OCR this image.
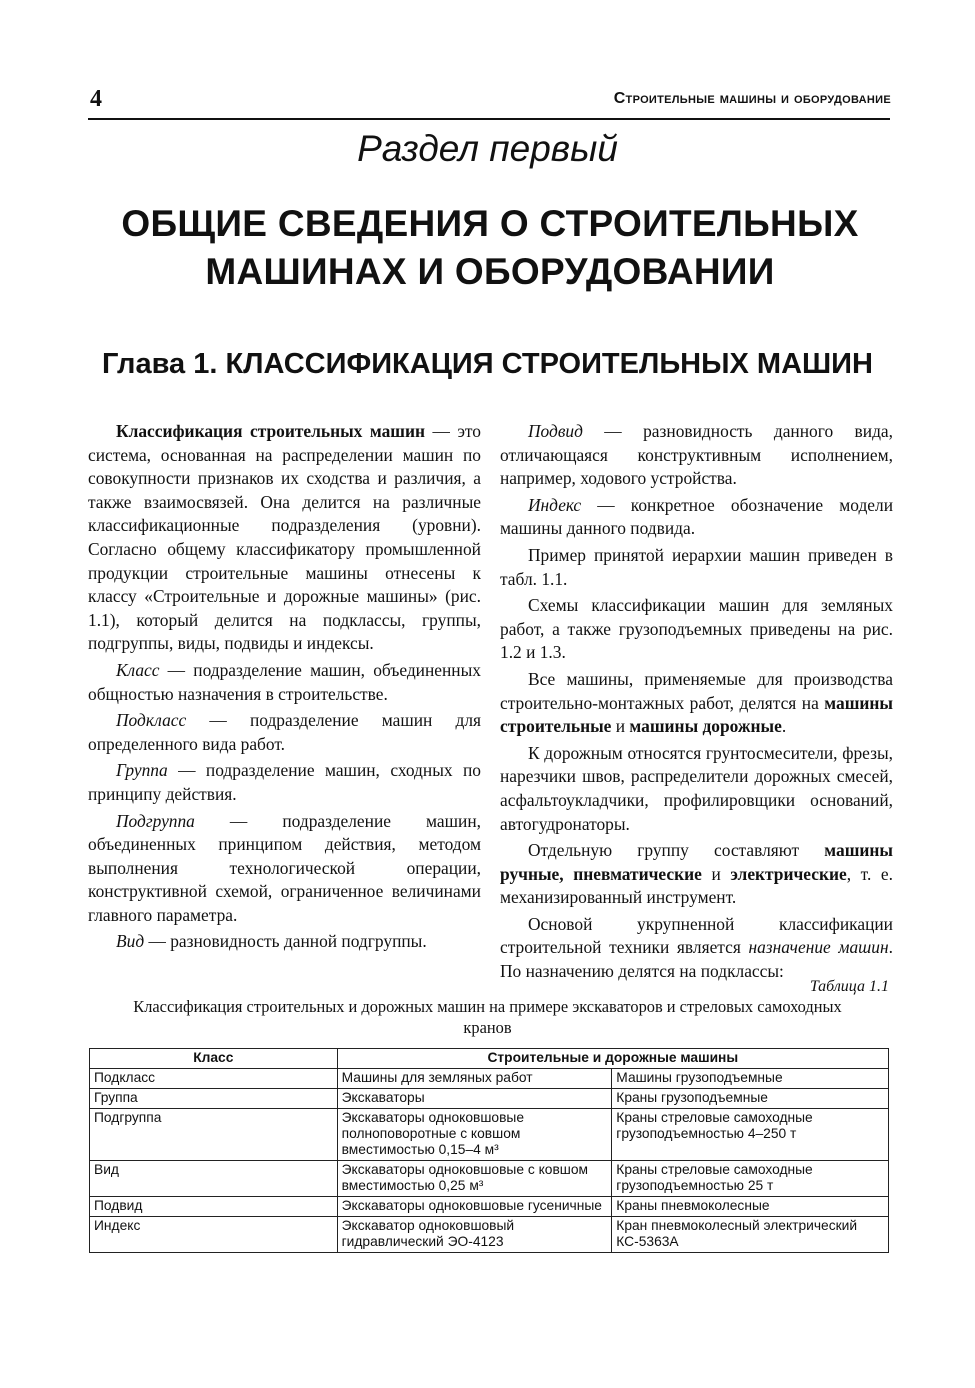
4	Строительные машины и оборудование
Раздел первый
ОБЩИЕ СВЕДЕНИЯ О СТРОИТЕЛЬНЫХ
МАШИНАХ И ОБОРУДОВАНИИ
Глава 1. КЛАССИФИКАЦИЯ СТРОИТЕЛЬНЫХ МАШИН

Классификация строительных машин — это система, основанная на распределении машин по совокупности признаков их сходства и различия, а также взаимосвязей. Она делится на различные классификационные подразделения (уровни). Согласно общему классификатору промышленной продукции строительные машины отнесены к классу «Строительные и дорожные машины» (рис. 1.1), который делится на подклассы, группы, подгруппы, виды, подвиды и индексы.

Класс — подразделение машин, объединенных общностью назначения в строительстве.

Подкласс — подразделение машин для определенного вида работ.

Группа — подразделение машин, сходных по принципу действия.

Подгруппа — подразделение машин, объединенных принципом действия, методом выполнения технологической операции, конструктивной схемой, ограниченное величинами главного параметра.

Вид — разновидность данной подгруппы.

Подвид — разновидность данного вида, отличающаяся конструктивным исполнением, например, ходового устройства.

Индекс — конкретное обозначение модели машины данного подвида.

Пример принятой иерархии машин приведен в табл. 1.1.

Схемы классификации машин для земляных работ, а также грузоподъемных приведены на рис. 1.2 и 1.3.

Все машины, применяемые для производства строительно-монтажных работ, делятся на машины строительные и машины дорожные.

К дорожным относятся грунтосмесители, фрезы, нарезчики швов, распределители дорожных смесей, асфальтоукладчики, профилировщики оснований, автогудронаторы.

Отдельную группу составляют машины ручные, пневматические и электрические, т. е. механизированный инструмент.

Основой укрупненной классификации строительной техники является назначение машин. По назначению делятся на подклассы:

Таблица 1.1
Классификация строительных и дорожных машин на примере экскаваторов и стреловых самоходных кранов
Класс	Строительные и дорожные машины	
Подкласс	Машины для земляных работ	Машины грузоподъемные
Группа	Экскаваторы	Краны грузоподъемные
Подгруппа	Экскаваторы одноковшовые полноповоротные с ковшом вместимостью 0,15–4 м³	Краны стреловые самоходные грузоподъемностью 4–250 т
Вид	Экскаваторы одноковшовые с ковшом вместимостью 0,25 м³	Краны стреловые самоходные грузоподъемностью 25 т
Подвид	Экскаваторы одноковшовые гусеничные	Краны пневмоколесные
Индекс	Экскаватор одноковшовый гидравлический ЭО-4123	Кран пневмоколесный электрический КС-5363А
